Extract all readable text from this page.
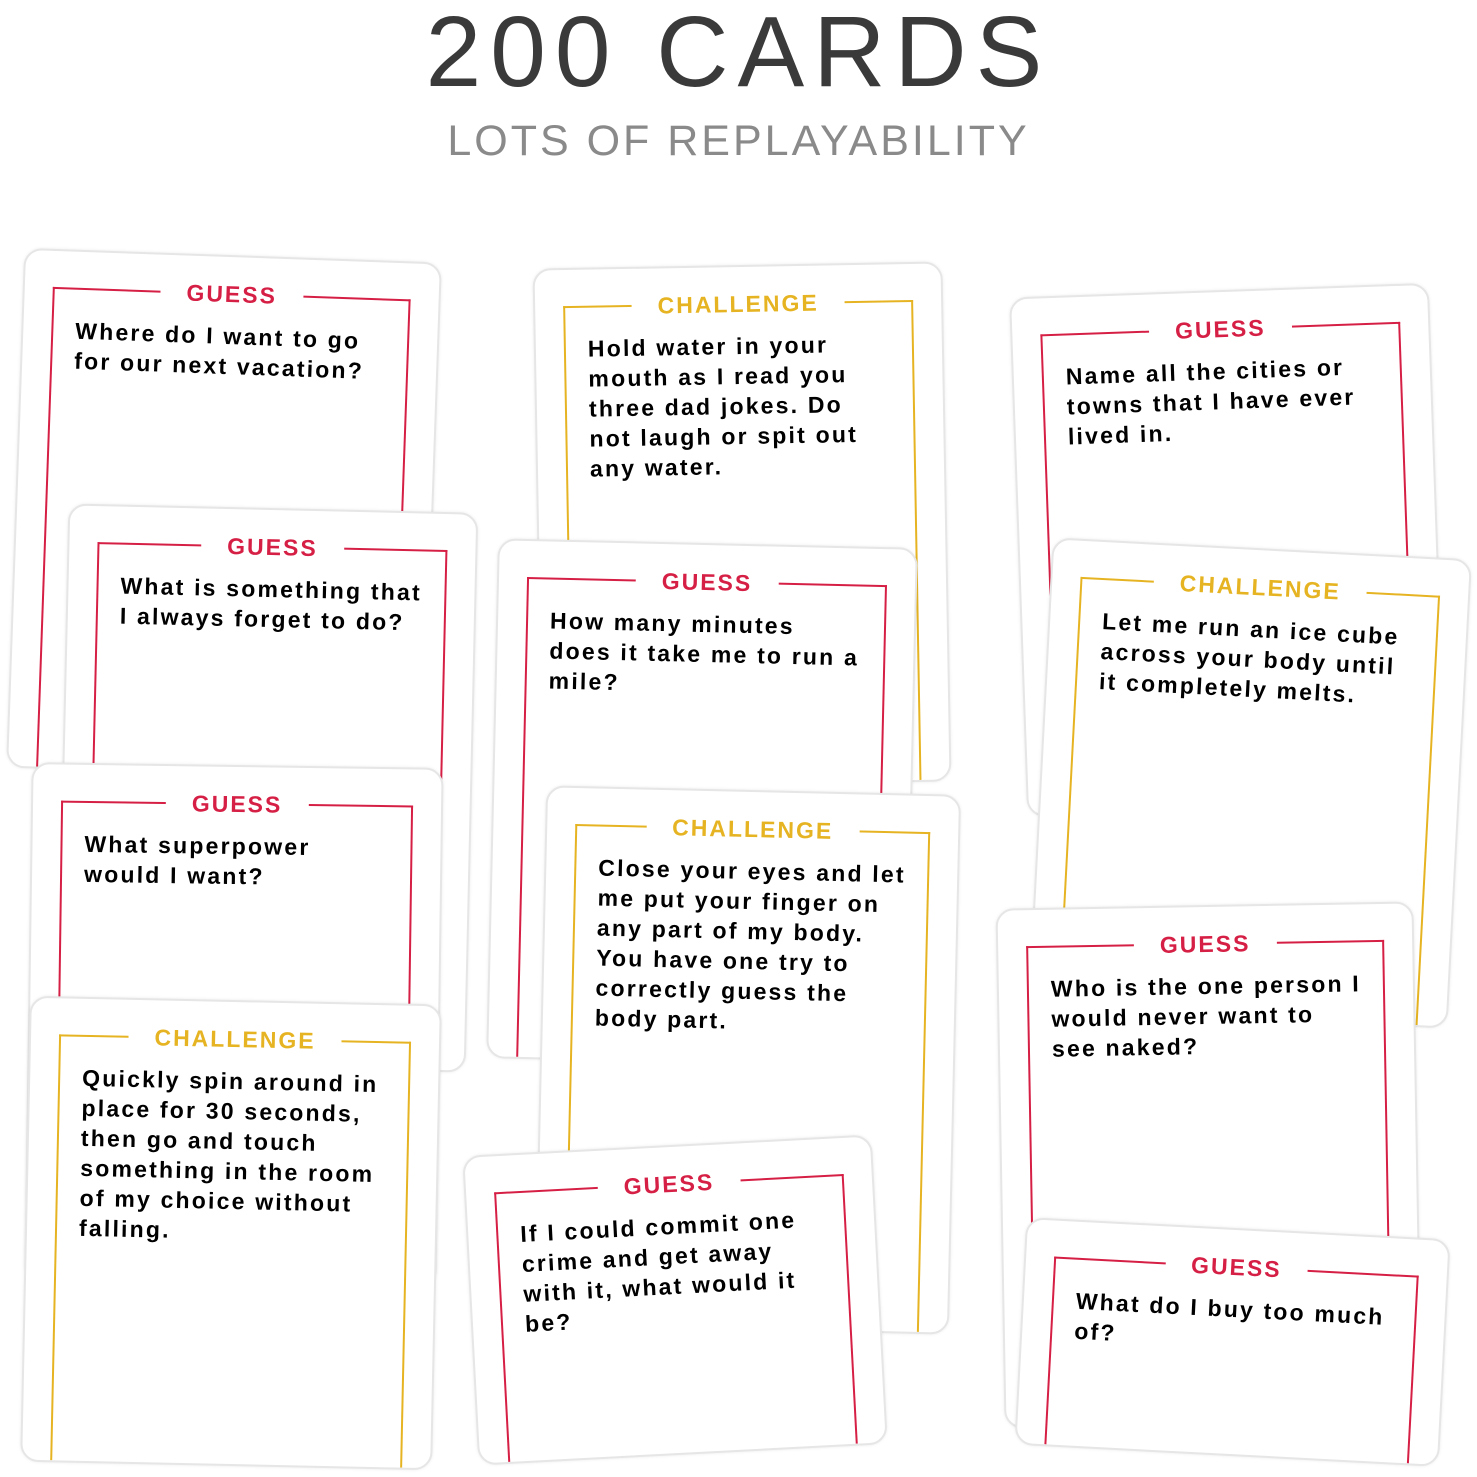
200 CARDS
LOTS OF REPLAYABILITY
GUESS
Where do I want to go for our next vacation?
GUESS
What is something that I always forget to do?
GUESS
What superpower would I want?
CHALLENGE
Quickly spin around in place for 30 seconds, then go and touch something in the room of my choice without falling.
CHALLENGE
Hold water in your mouth as I read you three dad jokes. Do not laugh or spit out any water.
GUESS
How many minutes does it take me to run a mile?
CHALLENGE
Close your eyes and let me put your finger on any part of my body. You have one try to correctly guess the body part.
GUESS
If I could commit one crime and get away with it, what would it be?
GUESS
Name all the cities or towns that I have ever lived in.
CHALLENGE
Let me run an ice cube across your body until it completely melts.
GUESS
Who is the one person I would never want to see naked?
GUESS
What do I buy too much of?
